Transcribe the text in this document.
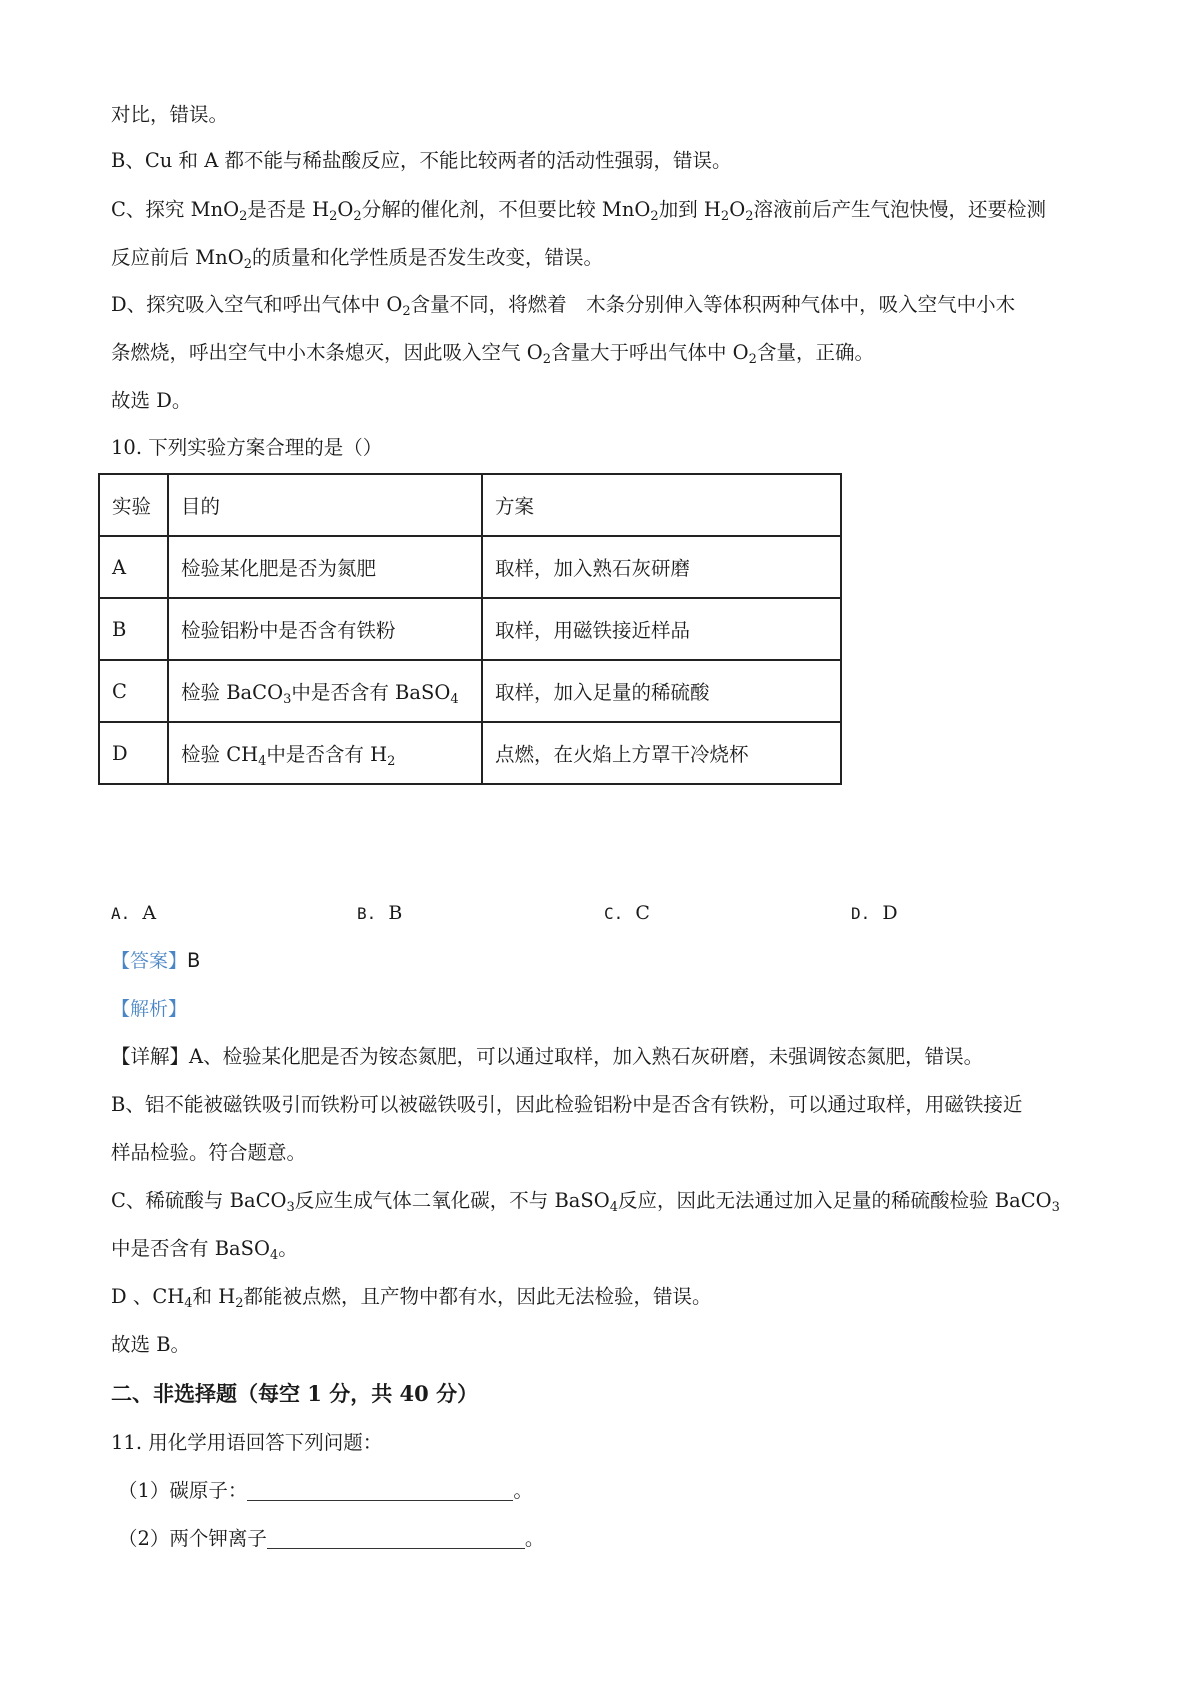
对比，错误。
B、Cu 和 A 都不能与稀盐酸反应，不能比较两者的活动性强弱，错误。
C、探究 MnO$_2$是否是 $H_2O_2$分解的催化剂，不但要比较 MnO$_2$加到 $H_2O_2$溶液前后产生气泡快慢，还要检测
反应前后 MnO$_2$的质量和化学性质是否发生改变，错误。
D、探究吸入空气和呼出气体中 $O_2$含量不同，将燃着　木条分别伸入等体积两种气体中，吸入空气中小木
条燃烧，呼出空气中小木条熄灭，因此吸入空气 $O_2$含量大于呼出气体中 $O_2$含量，正确。
故选 D。
10. 下列实验方案合理的是（）
实验	目的	方案
A	检验某化肥是否为氮肥	取样，加入熟石灰研磨
B	检验铝粉中是否含有铁粉	取样，用磁铁接近样品
C	检验 BaCO$_3$中是否含有 BaSO$_4$	取样，加入足量的稀硫酸
D	检验 $CH_4$中是否含有 $H_2$	点燃，在火焰上方罩干冷烧杯
A. A	B. B	C. C	D. D
【答案】B
【解析】
【详解】A、检验某化肥是否为铵态氮肥，可以通过取样，加入熟石灰研磨，未强调铵态氮肥，错误。
B、铝不能被磁铁吸引而铁粉可以被磁铁吸引，因此检验铝粉中是否含有铁粉，可以通过取样，用磁铁接近
样品检验。符合题意。
C、稀硫酸与 BaCO$_3$反应生成气体二氧化碳，不与 BaSO$_4$反应，因此无法通过加入足量的稀硫酸检验 BaCO$_3$
中是否含有 BaSO$_4$。
D 、$CH_4$和 $H_2$都能被点燃，且产物中都有水，因此无法检验，错误。
故选 B。
二、非选择题（每空 1 分，共 40 分）
11. 用化学用语回答下列问题：
（1）碳原子：	。
（2）两个钾离子	。
